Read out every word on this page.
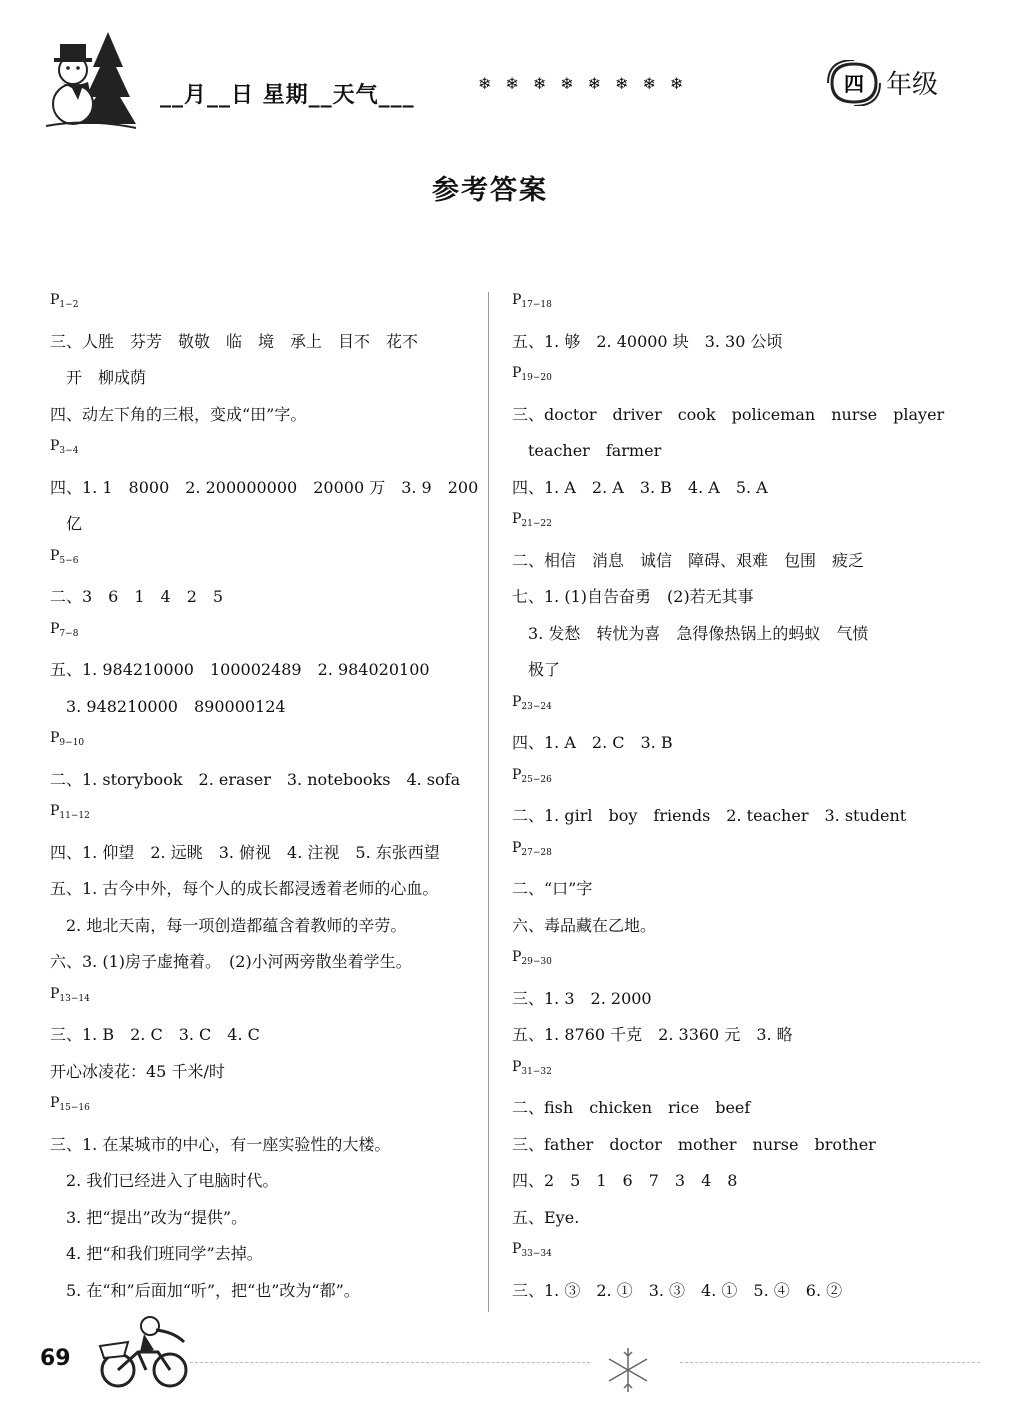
__月__日 星期__天气___	❄❄❄❄❄❄❄❄	四 年级
参考答案
$P_{1-2}$
三、人胜　芬芳　敬敬　临　境　承上　目不　花不
　开　柳成荫
四、动左下角的三根，变成“田”字。
$P_{3-4}$
四、1. 1　8000　2. 200000000　20000 万　3. 9　200
　亿
$P_{5-6}$
二、3　6　1　4　2　5
$P_{7-8}$
五、1. 984210000　100002489　2. 984020100
　3. 948210000　890000124
$P_{9-10}$
二、1. storybook　2. eraser　3. notebooks　4. sofa
$P_{11-12}$
四、1. 仰望　2. 远眺　3. 俯视　4. 注视　5. 东张西望
五、1. 古今中外，每个人的成长都浸透着老师的心血。
　2. 地北天南，每一项创造都蕴含着教师的辛劳。
六、3. (1)房子虚掩着。　(2)小河两旁散坐着学生。
$P_{13-14}$
三、1. B　2. C　3. C　4. C
开心冰凌花：45 千米/时
$P_{15-16}$
三、1. 在某城市的中心，有一座实验性的大楼。
　2. 我们已经进入了电脑时代。
　3. 把“提出”改为“提供”。
　4. 把“和我们班同学”去掉。
　5. 在“和”后面加“听”，把“也”改为“都”。
$P_{17-18}$
五、1. 够　2. 40000 块　3. 30 公顷
$P_{19-20}$
三、doctor　driver　cook　policeman　nurse　player
　teacher　farmer
四、1. A　2. A　3. B　4. A　5. A
$P_{21-22}$
二、相信　消息　诚信　障碍、艰难　包围　疲乏
七、1. (1)自告奋勇　(2)若无其事
　3. 发愁　转忧为喜　急得像热锅上的蚂蚁　气愤
　极了
$P_{23-24}$
四、1. A　2. C　3. B
$P_{25-26}$
二、1. girl　boy　friends　2. teacher　3. student
$P_{27-28}$
二、“口”字
六、毒品藏在乙地。
$P_{29-30}$
三、1. 3　2. 2000
五、1. 8760 千克　2. 3360 元　3. 略
$P_{31-32}$
二、fish　chicken　rice　beef
三、father　doctor　mother　nurse　brother
四、2　5　1　6　7　3　4　8
五、Eye.
$P_{33-34}$
三、1. ③　2. ①　3. ③　4. ①　5. ④　6. ②
69
